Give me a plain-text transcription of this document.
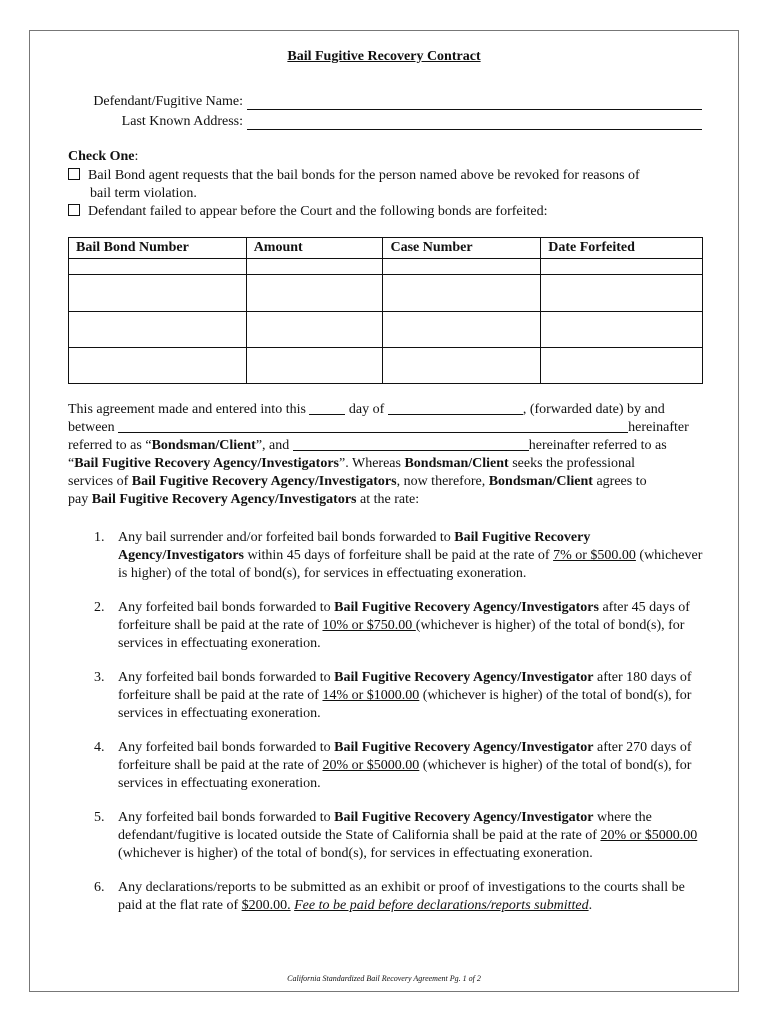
Bail Fugitive Recovery Contract
Defendant/Fugitive Name:
Last Known Address:
Check One:
Bail Bond agent requests that the bail bonds for the person named above be revoked for reasons of
bail term violation.
Defendant failed to appear before the Court and the following bonds are forfeited:
Bail Bond Number	Amount	Case Number	Date Forfeited

This agreement made and entered into this	day of	, (forwarded date) by and
between	hereinafter
referred to as “Bondsman/Client”, and	hereinafter referred to as
“Bail Fugitive Recovery Agency/Investigators”. Whereas Bondsman/Client seeks the professional
services of Bail Fugitive Recovery Agency/Investigators, now therefore, Bondsman/Client agrees to
pay Bail Fugitive Recovery Agency/Investigators at the rate:
1. Any bail surrender and/or forfeited bail bonds forwarded to Bail Fugitive Recovery Agency/Investigators within 45 days of forfeiture shall be paid at the rate of 7% or $500.00 (whichever is higher) of the total of bond(s), for services in effectuating exoneration.
2. Any forfeited bail bonds forwarded to Bail Fugitive Recovery Agency/Investigators after 45 days of forfeiture shall be paid at the rate of 10% or $750.00 (whichever is higher) of the total of bond(s), for services in effectuating exoneration.
3. Any forfeited bail bonds forwarded to Bail Fugitive Recovery Agency/Investigator after 180 days of forfeiture shall be paid at the rate of 14% or $1000.00 (whichever is higher) of the total of bond(s), for services in effectuating exoneration.
4. Any forfeited bail bonds forwarded to Bail Fugitive Recovery Agency/Investigator after 270 days of forfeiture shall be paid at the rate of 20% or $5000.00 (whichever is higher) of the total of bond(s), for services in effectuating exoneration.
5. Any forfeited bail bonds forwarded to Bail Fugitive Recovery Agency/Investigator where the defendant/fugitive is located outside the State of California shall be paid at the rate of 20% or $5000.00 (whichever is higher) of the total of bond(s), for services in effectuating exoneration.
6. Any declarations/reports to be submitted as an exhibit or proof of investigations to the courts shall be paid at the flat rate of $200.00. Fee to be paid before declarations/reports submitted.
California Standardized Bail Recovery Agreement Pg. 1 of 2
